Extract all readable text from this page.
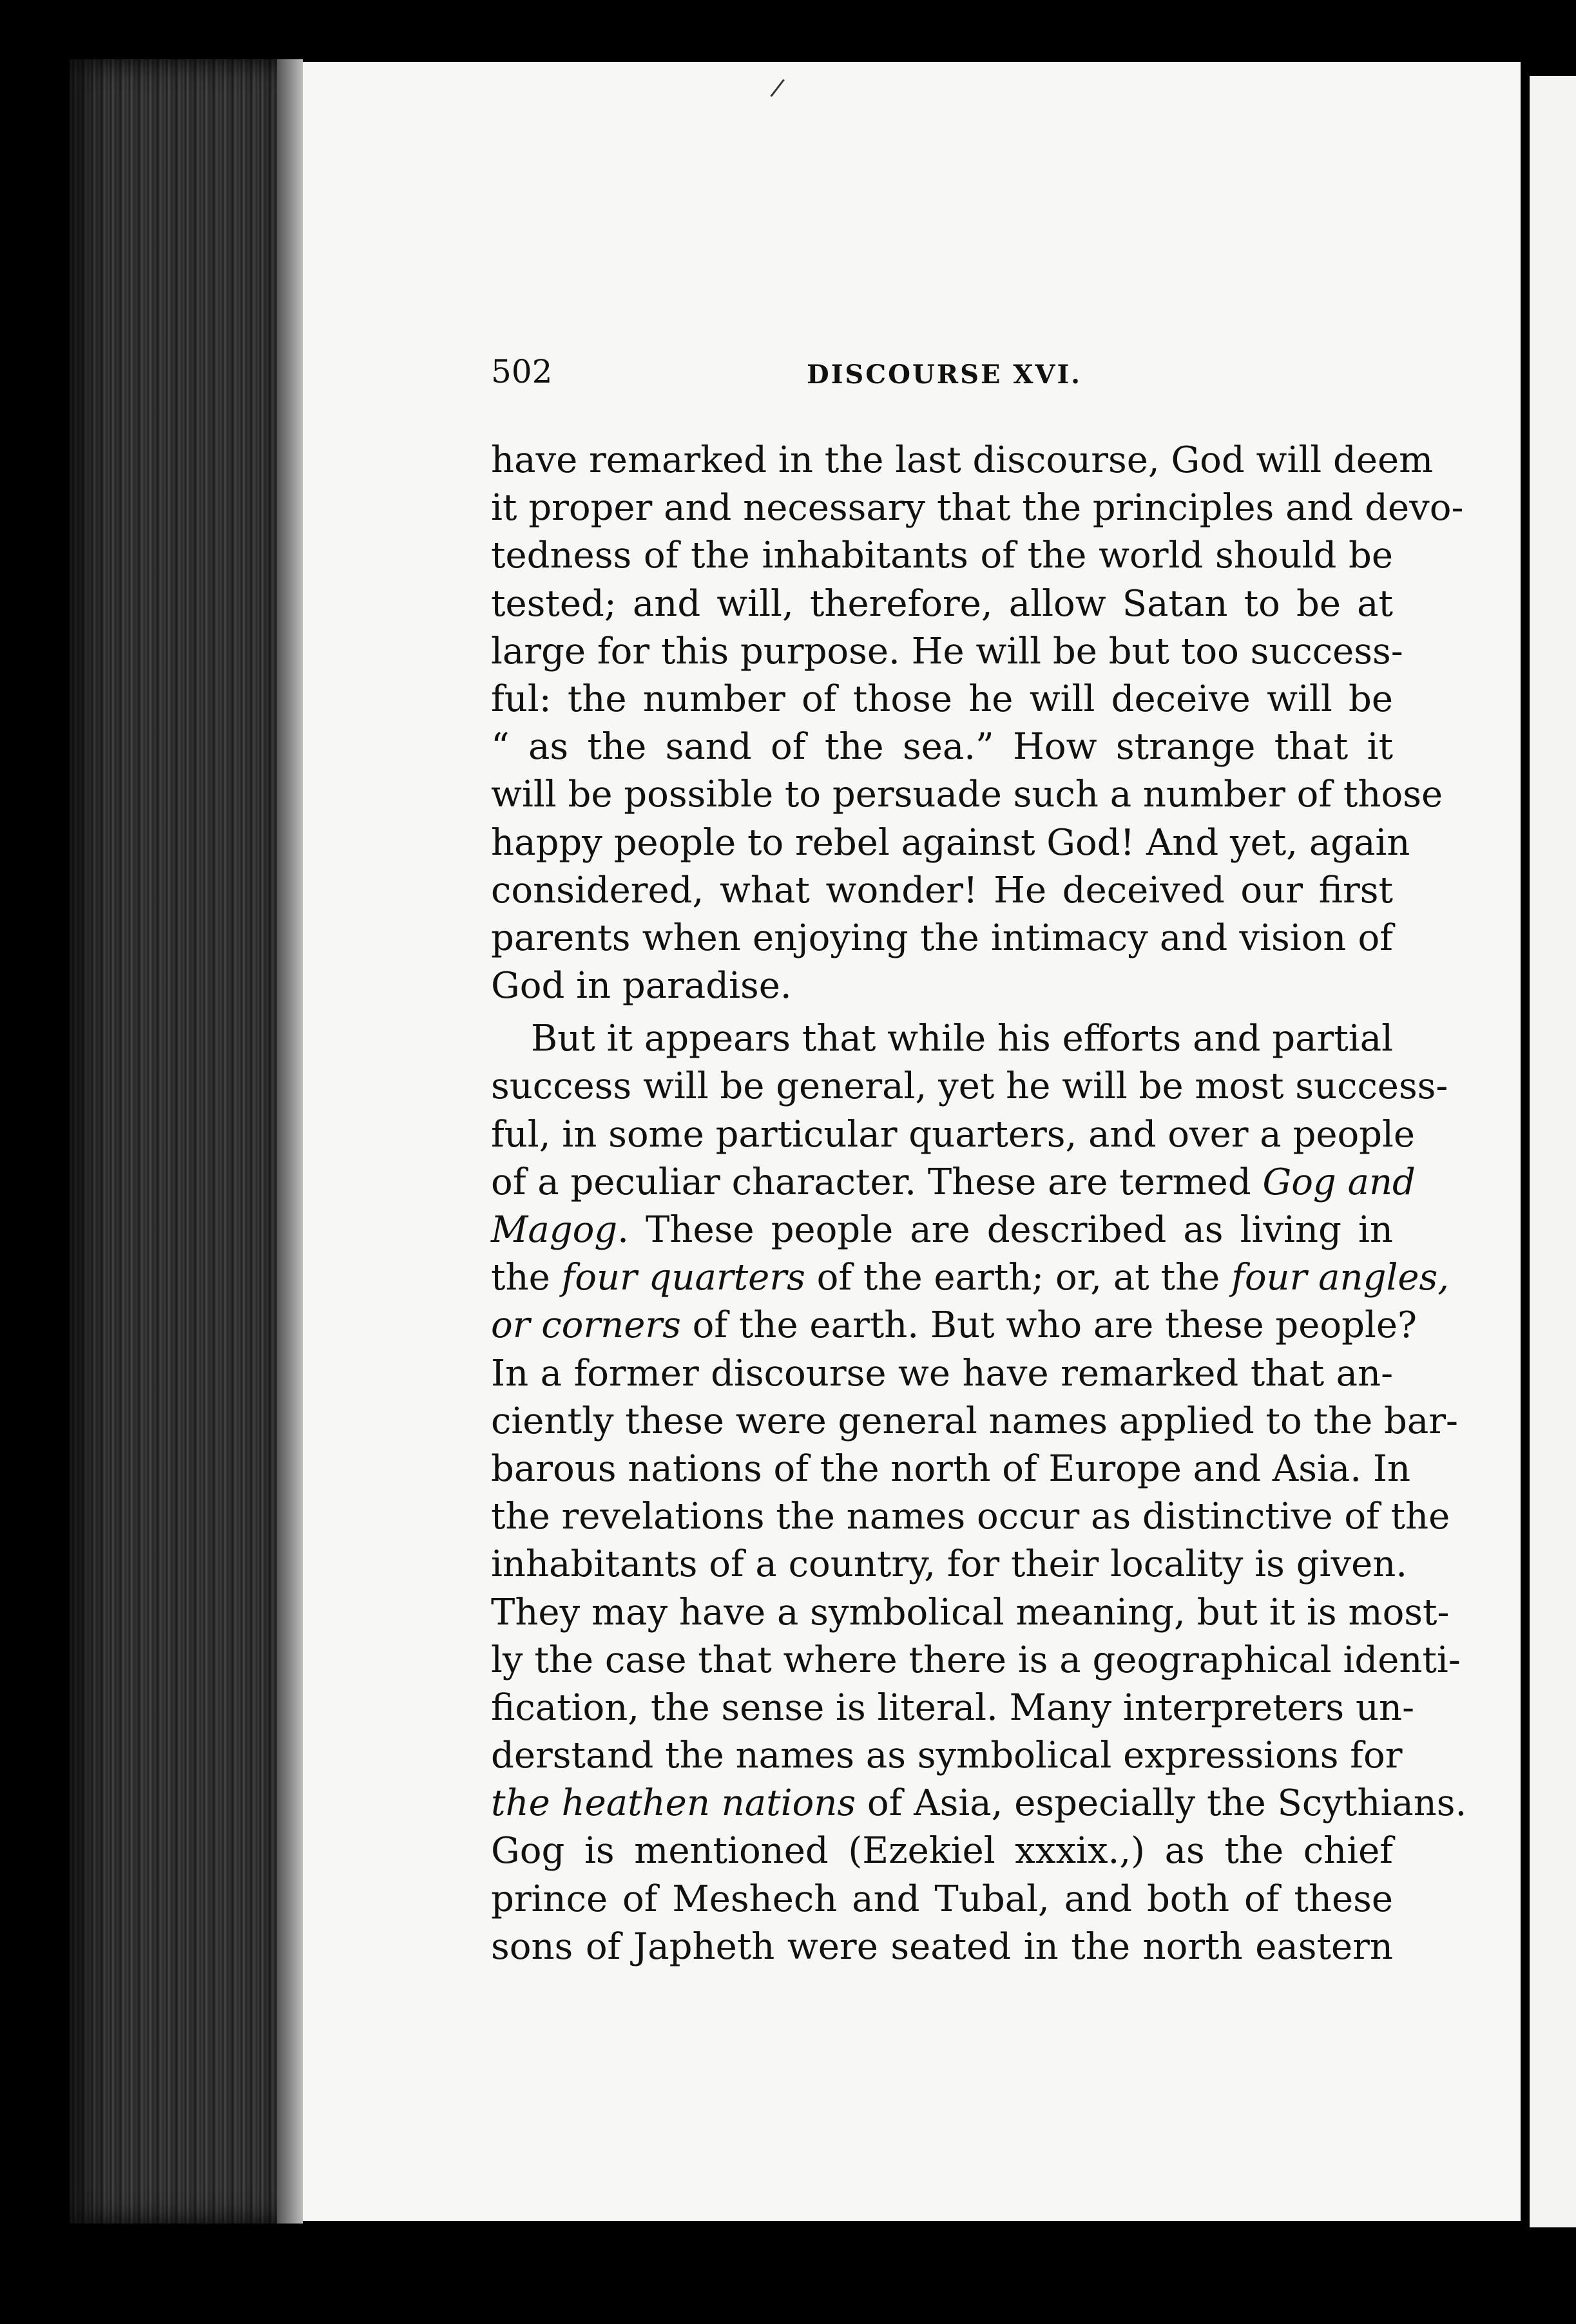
/
502	DISCOURSE XVI.
have remarked in the last discourse, God will deem
it proper and necessary that the principles and devo-
tedness of the inhabitants of the world should be
tested; and will, therefore, allow Satan to be at
large for this purpose. He will be but too success-
ful: the number of those he will deceive will be
“ as the sand of the sea.” How strange that it
will be possible to persuade such a number of those
happy people to rebel against God! And yet, again
considered, what wonder! He deceived our first
parents when enjoying the intimacy and vision of
God in paradise.
But it appears that while his efforts and partial
success will be general, yet he will be most success-
ful, in some particular quarters, and over a people
of a peculiar character. These are termed Gog and
Magog. These people are described as living in
the four quarters of the earth; or, at the four angles,
or corners of the earth. But who are these people?
In a former discourse we have remarked that an-
ciently these were general names applied to the bar-
barous nations of the north of Europe and Asia. In
the revelations the names occur as distinctive of the
inhabitants of a country, for their locality is given.
They may have a symbolical meaning, but it is most-
ly the case that where there is a geographical identi-
fication, the sense is literal. Many interpreters un-
derstand the names as symbolical expressions for
the heathen nations of Asia, especially the Scythians.
Gog is mentioned (Ezekiel xxxix.,) as the chief
prince of Meshech and Tubal, and both of these
sons of Japheth were seated in the north eastern
